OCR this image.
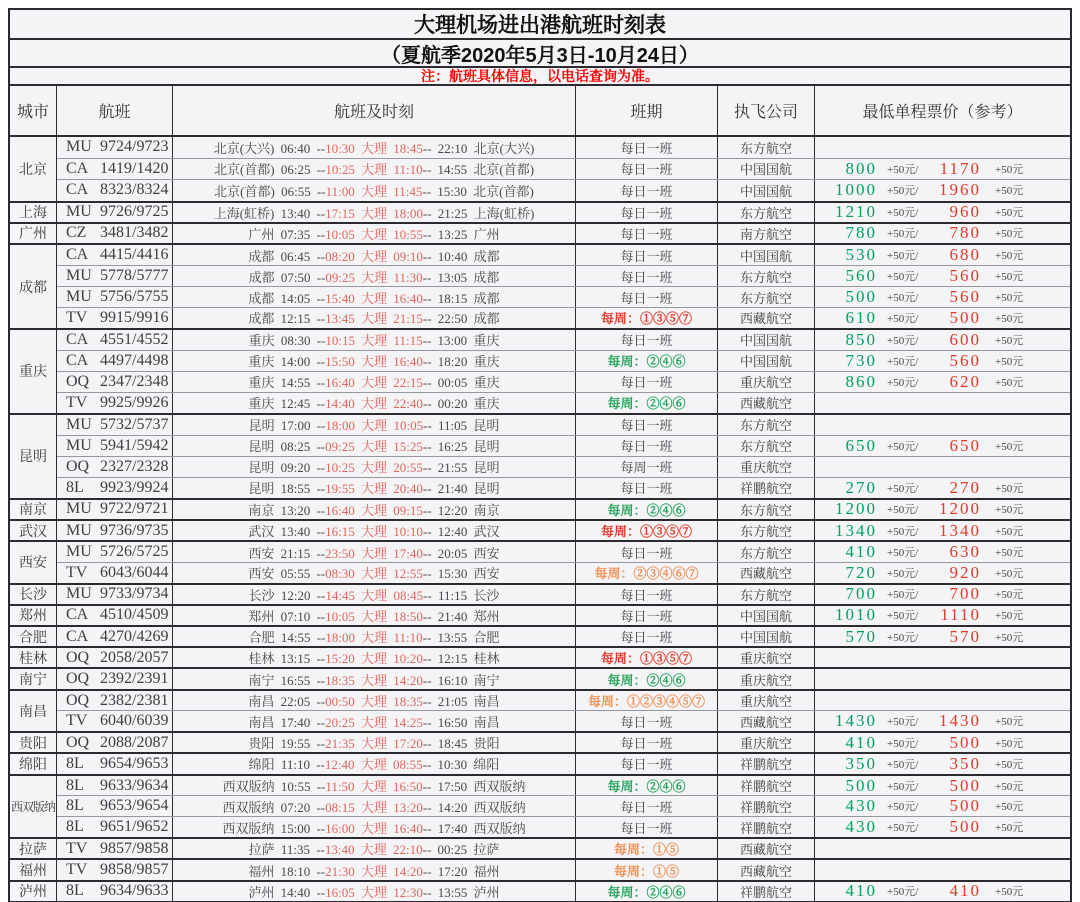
大理机场进出港航班时刻表
（夏航季2020年5月3日-10月24日）
注：航班具体信息，以电话查询为准。
城市	航班	航班及时刻	班期	执飞公司	最低单程票价（参考）
北京
MU 9724/9723	北京(大兴) 06:40 -- 10:30 大理 18:45 -- 22:10 北京(大兴)	每日一班	东方航空
CA 1419/1420	北京(首都) 06:25 -- 10:25 大理 11:10 -- 14:55 北京(首都)	每日一班	中国国航	800 +50元/	1170 +50元
CA 8323/8324	北京(首都) 06:55 -- 11:00 大理 11:45 -- 15:30 北京(首都)	每日一班	中国国航	1000 +50元/	1960 +50元
上海	MU 9726/9725	上海(虹桥) 13:40 -- 17:15 大理 18:00 -- 21:25 上海(虹桥)	每日一班	东方航空	1210 +50元/	960 +50元
广州	CZ 3481/3482	广州 07:35 -- 10:05 大理 10:55 -- 13:25 广州	每日一班	南方航空	780 +50元/	780 +50元
成都
CA 4415/4416	成都 06:45 -- 08:20 大理 09:10 -- 10:40 成都	每日一班	中国国航	530 +50元/	680 +50元
MU 5778/5777	成都 07:50 -- 09:25 大理 11:30 -- 13:05 成都	每日一班	东方航空	560 +50元/	560 +50元
MU 5756/5755	成都 14:05 -- 15:40 大理 16:40 -- 18:15 成都	每日一班	东方航空	500 +50元/	560 +50元
TV 9915/9916	成都 12:15 -- 13:45 大理 21:15 -- 22:50 成都	每周：①③⑤⑦	西藏航空	610 +50元/	500 +50元
重庆
CA 4551/4552	重庆 08:30 -- 10:15 大理 11:15 -- 13:00 重庆	每日一班	中国国航	850 +50元/	600 +50元
CA 4497/4498	重庆 14:00 -- 15:50 大理 16:40 -- 18:20 重庆	每周：②④⑥	中国国航	730 +50元/	560 +50元
OQ 2347/2348	重庆 14:55 -- 16:40 大理 22:15 -- 00:05 重庆	每日一班	重庆航空	860 +50元/	620 +50元
TV 9925/9926	重庆 12:45 -- 14:40 大理 22:40 -- 00:20 重庆	每周：②④⑥	西藏航空
昆明
MU 5732/5737	昆明 17:00 -- 18:00 大理 10:05 -- 11:05 昆明	每日一班	东方航空
MU 5941/5942	昆明 08:25 -- 09:25 大理 15:25 -- 16:25 昆明	每日一班	东方航空	650 +50元/	650 +50元
OQ 2327/2328	昆明 09:20 -- 10:25 大理 20:55 -- 21:55 昆明	每周一班	重庆航空
8L	9923/9924	昆明 18:55 -- 19:55 大理 20:40 -- 21:40 昆明	每日一班	祥鹏航空	270 +50元/	270 +50元
南京	MU 9722/9721	南京 13:20 -- 16:40 大理 09:15 -- 12:20 南京	每周：②④⑥	东方航空	1200 +50元/	1200 +50元
武汉	MU 9736/9735	武汉 13:40 -- 16:15 大理 10:10 -- 12:40 武汉	每周：①③⑤⑦	东方航空	1340 +50元/	1340 +50元
西安
MU 5726/5725	西安 21:15 -- 23:50 大理 17:40 -- 20:05 西安	每日一班	东方航空	410 +50元/	630 +50元
TV 6043/6044	西安 05:55 -- 08:30 大理 12:55 -- 15:30 西安	每周：②③④⑥⑦	西藏航空	720 +50元/	920 +50元
长沙	MU 9733/9734	长沙 12:20 -- 14:45 大理 08:45 -- 11:15 长沙	每日一班	东方航空	700 +50元/	700 +50元
郑州	CA 4510/4509	郑州 07:10 -- 10:05 大理 18:50 -- 21:40 郑州	每日一班	中国国航	1010 +50元/	1110 +50元
合肥	CA 4270/4269	合肥 14:55 -- 18:00 大理 11:10 -- 13:55 合肥	每日一班	中国国航	570 +50元/	570 +50元
桂林	OQ 2058/2057	桂林 13:15 -- 15:20 大理 10:20 -- 12:15 桂林	每周：①③⑤⑦	重庆航空
南宁	OQ 2392/2391	南宁 16:55 -- 18:35 大理 14:20 -- 16:10 南宁	每周：②④⑥	重庆航空
南昌
OQ 2382/2381	南昌 22:05 -- 00:50 大理 18:35 -- 21:05 南昌	每周：①②③④⑤⑦	重庆航空
TV 6040/6039	南昌 17:40 -- 20:25 大理 14:25 -- 16:50 南昌	每日一班	西藏航空	1430 +50元/	1430 +50元
贵阳	OQ 2088/2087	贵阳 19:55 -- 21:35 大理 17:20 -- 18:45 贵阳	每日一班	重庆航空	410 +50元/	500 +50元
绵阳	8L	9654/9653	绵阳 11:10 -- 12:40 大理 08:55 -- 10:30 绵阳	每日一班	祥鹏航空	350 +50元/	350 +50元
西双版纳
8L	9633/9634	西双版纳 10:55 -- 11:50 大理 16:50 -- 17:50 西双版纳	每周：②④⑥	祥鹏航空	500 +50元/	500 +50元
8L	9653/9654	西双版纳 07:20 -- 08:15 大理 13:20 -- 14:20 西双版纳	每日一班	祥鹏航空	430 +50元/	500 +50元
8L	9651/9652	西双版纳 15:00 -- 16:00 大理 16:40 -- 17:40 西双版纳	每日一班	祥鹏航空	430 +50元/	500 +50元
拉萨	TV 9857/9858	拉萨 11:35 -- 13:40 大理 22:10 -- 00:25 拉萨	每周：①⑤	西藏航空
福州	TV 9858/9857	福州 18:10 -- 21:30 大理 14:20 -- 17:20 福州	每周：①⑤	西藏航空
泸州	8L	9634/9633	泸州 14:40 -- 16:05 大理 12:30 -- 13:55 泸州	每周：②④⑥	祥鹏航空	410 +50元/	410 +50元
